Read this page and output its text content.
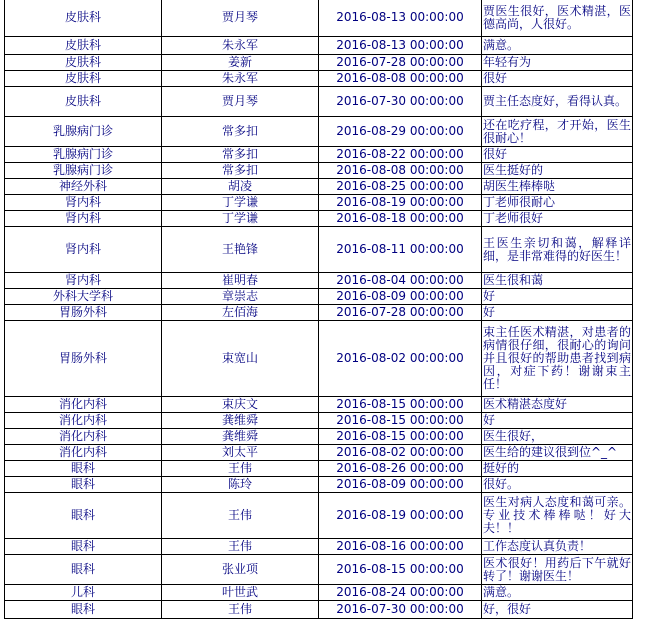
皮肤科	贾月琴	2016-08-13 00:00:00	贾医生很好，医术精湛，医德高尚，人很好。
皮肤科	朱永军	2016-08-13 00:00:00	满意。
皮肤科	姜新	2016-07-28 00:00:00	年轻有为
皮肤科	朱永军	2016-08-08 00:00:00	很好
皮肤科	贾月琴	2016-07-30 00:00:00	贾主任态度好，看得认真。
乳腺病门诊	常多扣	2016-08-29 00:00:00	还在吃疗程，才开始，医生很耐心！
乳腺病门诊	常多扣	2016-08-22 00:00:00	很好
乳腺病门诊	常多扣	2016-08-08 00:00:00	医生挺好的
神经外科	胡凌	2016-08-25 00:00:00	胡医生棒棒哒
肾内科	丁学谦	2016-08-19 00:00:00	丁老师很耐心
肾内科	丁学谦	2016-08-18 00:00:00	丁老师很好
肾内科	王艳锋	2016-08-11 00:00:00	王医生亲切和蔼，解释详细，是非常难得的好医生！
肾内科	崔明春	2016-08-04 00:00:00	医生很和蔼
外科大学科	章崇志	2016-08-09 00:00:00	好
胃肠外科	左佰海	2016-07-28 00:00:00	好
胃肠外科	束宽山	2016-08-02 00:00:00	束主任医术精湛，对患者的病情很仔细，很耐心的询问并且很好的帮助患者找到病因，对症下药！谢谢束主任！
消化内科	束庆文	2016-08-15 00:00:00	医术精湛态度好
消化内科	龚维舜	2016-08-15 00:00:00	好
消化内科	龚维舜	2016-08-15 00:00:00	医生很好，
消化内科	刘太平	2016-08-02 00:00:00	医生给的建议很到位^_^
眼科	王伟	2016-08-26 00:00:00	挺好的
眼科	陈玲	2016-08-09 00:00:00	很好。
眼科	王伟	2016-08-19 00:00:00	医生对病人态度和蔼可亲。专业技术棒棒哒！好大夫！！
眼科	王伟	2016-08-16 00:00:00	工作态度认真负责！
眼科	张业项	2016-08-15 00:00:00	医术很好！用药后下午就好转了！谢谢医生！
儿科	叶世武	2016-08-24 00:00:00	满意。
眼科	王伟	2016-07-30 00:00:00	好，很好
